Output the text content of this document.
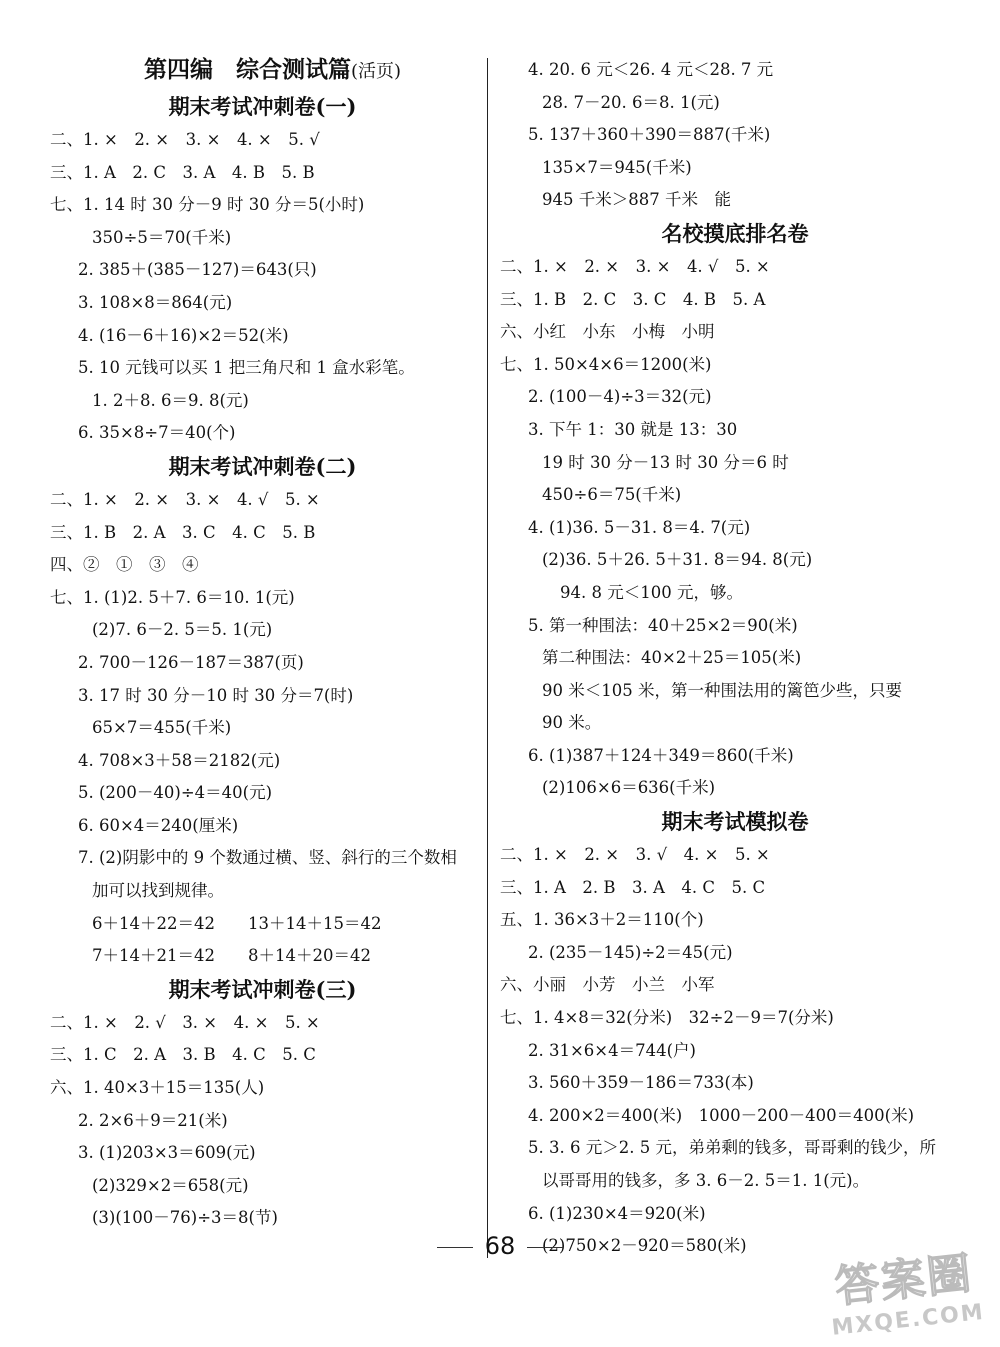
第四编　综合测试篇(活页)
期末考试冲刺卷(一)
二、1. ×　2. ×　3. ×　4. ×　5. √
三、1. A　2. C　3. A　4. B　5. B
七、1. 14 时 30 分－9 时 30 分＝5(小时)
350÷5＝70(千米)
2. 385＋(385－127)＝643(只)
3. 108×8＝864(元)
4. (16－6＋16)×2＝52(米)
5. 10 元钱可以买 1 把三角尺和 1 盒水彩笔。
1. 2＋8. 6＝9. 8(元)
6. 35×8÷7＝40(个)
期末考试冲刺卷(二)
二、1. ×　2. ×　3. ×　4. √　5. ×
三、1. B　2. A　3. C　4. C　5. B
四、②　①　③　④
七、1. (1)2. 5＋7. 6＝10. 1(元)
(2)7. 6－2. 5＝5. 1(元)
2. 700－126－187＝387(页)
3. 17 时 30 分－10 时 30 分＝7(时)
65×7＝455(千米)
4. 708×3＋58＝2182(元)
5. (200－40)÷4＝40(元)
6. 60×4＝240(厘米)
7. (2)阴影中的 9 个数通过横、竖、斜行的三个数相
加可以找到规律。
6＋14＋22＝42　　13＋14＋15＝42
7＋14＋21＝42　　8＋14＋20＝42
期末考试冲刺卷(三)
二、1. ×　2. √　3. ×　4. ×　5. ×
三、1. C　2. A　3. B　4. C　5. C
六、1. 40×3＋15＝135(人)
2. 2×6＋9＝21(米)
3. (1)203×3＝609(元)
(2)329×2＝658(元)
(3)(100－76)÷3＝8(节)
4. 20. 6 元＜26. 4 元＜28. 7 元
28. 7－20. 6＝8. 1(元)
5. 137＋360＋390＝887(千米)
135×7＝945(千米)
945 千米＞887 千米　能
名校摸底排名卷
二、1. ×　2. ×　3. ×　4. √　5. ×
三、1. B　2. C　3. C　4. B　5. A
六、小红　小东　小梅　小明
七、1. 50×4×6＝1200(米)
2. (100－4)÷3＝32(元)
3. 下午 1：30 就是 13：30
19 时 30 分－13 时 30 分＝6 时
450÷6＝75(千米)
4. (1)36. 5－31. 8＝4. 7(元)
(2)36. 5＋26. 5＋31. 8＝94. 8(元)
94. 8 元＜100 元，够。
5. 第一种围法：40＋25×2＝90(米)
第二种围法：40×2＋25＝105(米)
90 米＜105 米，第一种围法用的篱笆少些，只要
90 米。
6. (1)387＋124＋349＝860(千米)
(2)106×6＝636(千米)
期末考试模拟卷
二、1. ×　2. ×　3. √　4. ×　5. ×
三、1. A　2. B　3. A　4. C　5. C
五、1. 36×3＋2＝110(个)
2. (235－145)÷2＝45(元)
六、小丽　小芳　小兰　小军
七、1. 4×8＝32(分米)　32÷2－9＝7(分米)
2. 31×6×4＝744(户)
3. 560＋359－186＝733(本)
4. 200×2＝400(米)　1000－200－400＝400(米)
5. 3. 6 元＞2. 5 元，弟弟剩的钱多，哥哥剩的钱少，所
以哥哥用的钱多，多 3. 6－2. 5＝1. 1(元)。
6. (1)230×4＝920(米)
(2)750×2－920＝580(米)
68
答案圈
MXQE.COM
